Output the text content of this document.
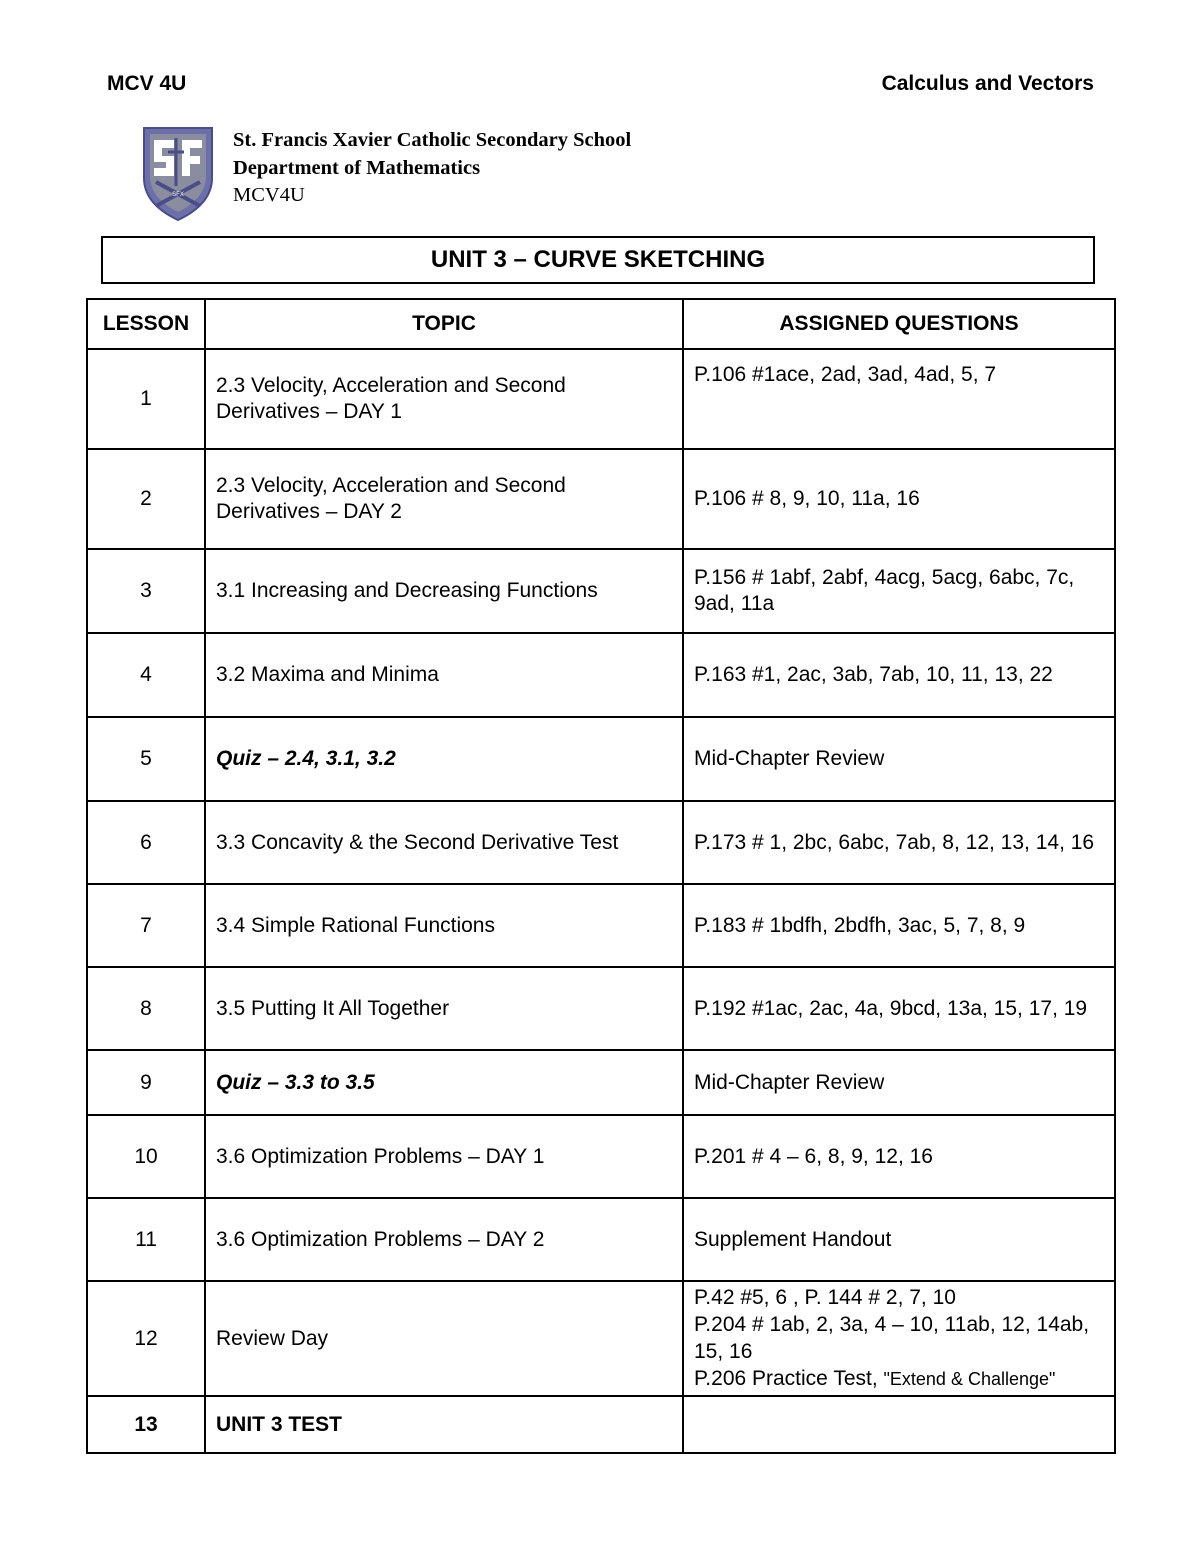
MCV 4U	Calculus and Vectors
SFX
St. Francis Xavier Catholic Secondary School
Department of Mathematics
MCV4U
UNIT 3 – CURVE SKETCHING
LESSON	TOPIC	ASSIGNED QUESTIONS
1	2.3 Velocity, Acceleration and Second Derivatives – DAY 1	P.106 #1ace, 2ad, 3ad, 4ad, 5, 7
2	2.3 Velocity, Acceleration and Second Derivatives – DAY 2	P.106 # 8, 9, 10, 11a, 16
3	3.1 Increasing and Decreasing Functions	P.156 # 1abf, 2abf, 4acg, 5acg, 6abc, 7c, 9ad, 11a
4	3.2 Maxima and Minima	P.163 #1, 2ac, 3ab, 7ab, 10, 11, 13, 22
5	Quiz – 2.4, 3.1, 3.2	Mid-Chapter Review
6	3.3 Concavity & the Second Derivative Test	P.173 # 1, 2bc, 6abc, 7ab, 8, 12, 13, 14, 16
7	3.4 Simple Rational Functions	P.183 # 1bdfh, 2bdfh, 3ac, 5, 7, 8, 9
8	3.5 Putting It All Together	P.192 #1ac, 2ac, 4a, 9bcd, 13a, 15, 17, 19
9	Quiz – 3.3 to 3.5	Mid-Chapter Review
10	3.6 Optimization Problems – DAY 1	P.201 # 4 – 6, 8, 9, 12, 16
11	3.6 Optimization Problems – DAY 2	Supplement Handout
12	Review Day	P.42 #5, 6 , P. 144 # 2, 7, 10
P.204 # 1ab, 2, 3a, 4 – 10, 11ab, 12, 14ab, 15, 16
P.206 Practice Test, "Extend & Challenge"

13	UNIT 3 TEST	
